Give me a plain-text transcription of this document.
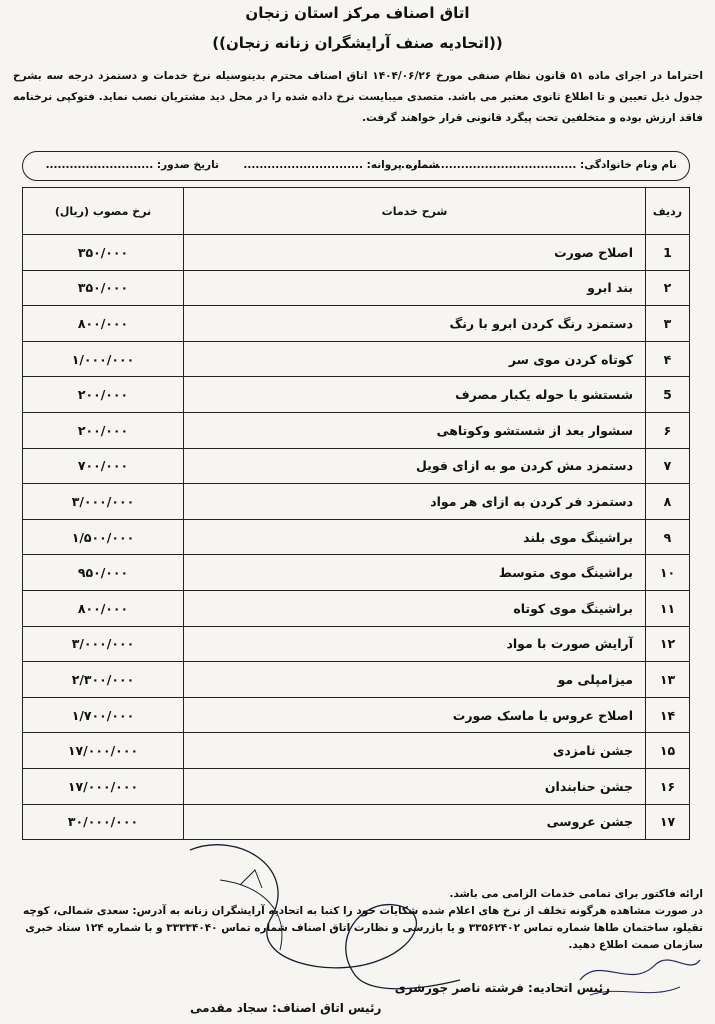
اتاق اصناف مرکز استان زنجان
((اتحادیه صنف آرایشگران زنانه زنجان))
احتراما در اجرای ماده ۵۱ قانون نظام صنفی مورخ ۱۴۰۴/۰۶/۲۶ اتاق اصناف محترم بدینوسیله نرخ خدمات و دستمزد درجه سه بشرح جدول ذیل تعیین و تا اطلاع ثانوی معتبر می باشد. متصدی میبایست نرخ داده شده را در محل دید مشتریان نصب نماید. فتوکپی نرخنامه فاقد ارزش بوده و متخلفین تحت پیگرد قانونی قرار خواهند گرفت.
نام ونام خانوادگی: ............................................
شماره پروانه: ..............................
تاریخ صدور: ...........................
ردیف	شرح خدمات	نرخ مصوب (ریال)
1	اصلاح صورت	۳۵۰/۰۰۰
۲	بند ابرو	۳۵۰/۰۰۰
۳	دستمزد رنگ کردن ابرو با رنگ	۸۰۰/۰۰۰
۴	کوتاه کردن موی سر	۱/۰۰۰/۰۰۰
5	شستشو با حوله یکبار مصرف	۲۰۰/۰۰۰
۶	سشوار بعد از شستشو وکوتاهی	۲۰۰/۰۰۰
۷	دستمزد مش کردن مو به ازای فویل	۷۰۰/۰۰۰
۸	دستمزد فر کردن به ازای هر مواد	۳/۰۰۰/۰۰۰
۹	براشینگ موی بلند	۱/۵۰۰/۰۰۰
۱۰	براشینگ موی متوسط	۹۵۰/۰۰۰
۱۱	براشینگ موی کوتاه	۸۰۰/۰۰۰
۱۲	آرایش صورت با مواد	۳/۰۰۰/۰۰۰
۱۳	میزامپلی مو	۲/۳۰۰/۰۰۰
۱۴	اصلاح عروس با ماسک صورت	۱/۷۰۰/۰۰۰
۱۵	جشن نامزدی	۱۷/۰۰۰/۰۰۰
۱۶	جشن حنابندان	۱۷/۰۰۰/۰۰۰
۱۷	جشن عروسی	۳۰/۰۰۰/۰۰۰
ارائه فاکتور برای تمامی خدمات الزامی می باشد.
در صورت مشاهده هرگونه تخلف از نرخ های اعلام شده شکایات خود را کتبا به اتحادیه آرایشگران زنانه به آدرس: سعدی شمالی، کوچه تقیلو، ساختمان طاها شماره تماس ۳۳۵۶۲۴۰۲ و یا بازرسی و نظارت اتاق اصناف شماره تماس ۳۳۳۳۴۰۴۰ و با شماره ۱۲۴ ستاد خبری سازمان صمت اطلاع دهید.
رئیس اتحادیه: فرشته ناصر جورشری
رئیس اتاق اصناف: سجاد مقدمی
